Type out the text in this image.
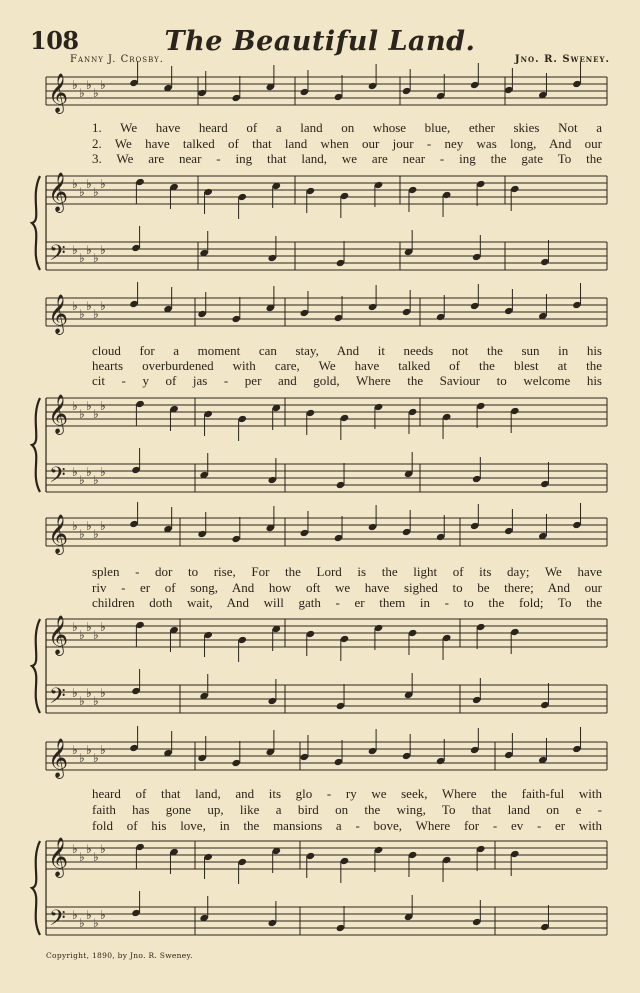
108	The Beautiful Land.
Fanny J. Crosby.	Jno. R. Sweney.
𝄞
𝄞
𝄢
♭
♭
♭
♭
♭
♭
♭
♭
♭
♭
♭
♭
♭
♭
♭
𝄞
𝄞
𝄢
♭
♭
♭
♭
♭
♭
♭
♭
♭
♭
♭
♭
♭
♭
♭
𝄞
𝄞
𝄢
♭
♭
♭
♭
♭
♭
♭
♭
♭
♭
♭
♭
♭
♭
♭
𝄞
𝄞
𝄢
♭
♭
♭
♭
♭
♭
♭
♭
♭
♭
♭
♭
♭
♭
♭
1. We have heard of a land on whose blue, ether skies Not a
2. We have talked of that land when our jour - ney was long, And our
3. We are near - ing that land, we are near - ing the gate To the
cloud for a moment can stay, And it needs not the sun in his
hearts overburdened with care, We have talked of the blest at the
cit - y of jas - per and gold, Where the Saviour to welcome his
splen - dor to rise, For the Lord is the light of its day; We have
riv - er of song, And how oft we have sighed to be there; And our
children doth wait, And will gath - er them in - to the fold; To the
heard of that land, and its glo - ry we seek, Where the faith-ful with
faith has gone up, like a bird on the wing, To that land on e -
fold of his love, in the mansions a - bove, Where for - ev - er with
Copyright, 1890, by Jno. R. Sweney.
